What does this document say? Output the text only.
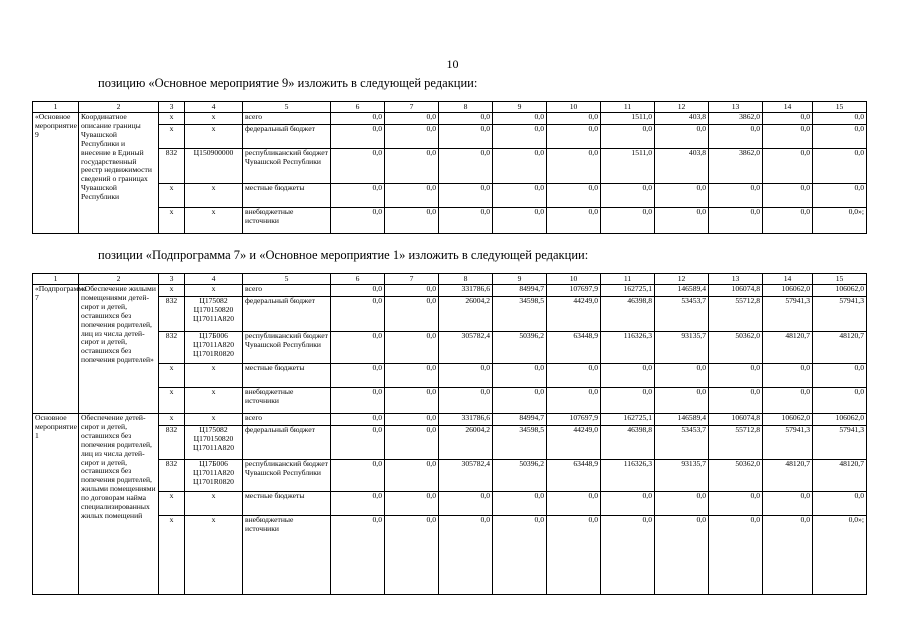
10
позицию «Основное мероприятие 9» изложить в следующей редакции:
позиции «Подпрограмма 7» и «Основное мероприятие 1» изложить в следующей редакции:
1	2	3	4	5	6	7	8	9	10	11	12	13	14	15
«Основное мероприятие 9	Координатное описание границы Чувашской Республики и внесение в Единый государственный реестр недвижимости сведений о границах Чувашской Республики	x	x	всего	0,0	0,0	0,0	0,0	0,0	1511,0	403,8	3862,0	0,0	0,0
		x	x	федеральный бюджет	0,0	0,0	0,0	0,0	0,0	0,0	0,0	0,0	0,0	0,0
		832	Ц150900000	республиканский бюджет Чувашской Республики	0,0	0,0	0,0	0,0	0,0	1511,0	403,8	3862,0	0,0	0,0
		x	x	местные бюджеты	0,0	0,0	0,0	0,0	0,0	0,0	0,0	0,0	0,0	0,0
		x	x	внебюджетные источники	0,0	0,0	0,0	0,0	0,0	0,0	0,0	0,0	0,0	0,0»;
1	2	3	4	5	6	7	8	9	10	11	12	13	14	15
«Подпрограмма 7	«Обеспечение жилыми помещениями детей-сирот и детей, оставшихся без попечения родителей, лиц из числа детей-сирот и детей, оставшихся без попечения родителей»	x	x	всего	0,0	0,0	331786,6	84994,7	107697,9	162725,1	146589,4	106074,8	106062,0	106062,0
		832	Ц175082 Ц170150820 Ц17011А820	федеральный бюджет	0,0	0,0	26004,2	34598,5	44249,0	46398,8	53453,7	55712,8	57941,3	57941,3
		832	Ц17Б006 Ц17011А820 Ц1701R0820	республиканский бюджет Чувашской Республики	0,0	0,0	305782,4	50396,2	63448,9	116326,3	93135,7	50362,0	48120,7	48120,7
		x	x	местные бюджеты	0,0	0,0	0,0	0,0	0,0	0,0	0,0	0,0	0,0	0,0
		x	x	внебюджетные источники	0,0	0,0	0,0	0,0	0,0	0,0	0,0	0,0	0,0	0,0
Основное мероприятие 1	Обеспечение детей-сирот и детей, оставшихся без попечения родителей, лиц из числа детей-сирот и детей, оставшихся без попечения родителей, жилыми помещениями по договорам найма специализированных жилых помещений	x	x	всего	0,0	0,0	331786,6	84994,7	107697,9	162725,1	146589,4	106074,8	106062,0	106062,0
		832	Ц175082 Ц170150820 Ц17011А820	федеральный бюджет	0,0	0,0	26004,2	34598,5	44249,0	46398,8	53453,7	55712,8	57941,3	57941,3
		832	Ц17Б006 Ц17011А820 Ц1701R0820	республиканский бюджет Чувашской Республики	0,0	0,0	305782,4	50396,2	63448,9	116326,3	93135,7	50362,0	48120,7	48120,7
		x	x	местные бюджеты	0,0	0,0	0,0	0,0	0,0	0,0	0,0	0,0	0,0	0,0
		x	x	внебюджетные источники	0,0	0,0	0,0	0,0	0,0	0,0	0,0	0,0	0,0	0,0»;
